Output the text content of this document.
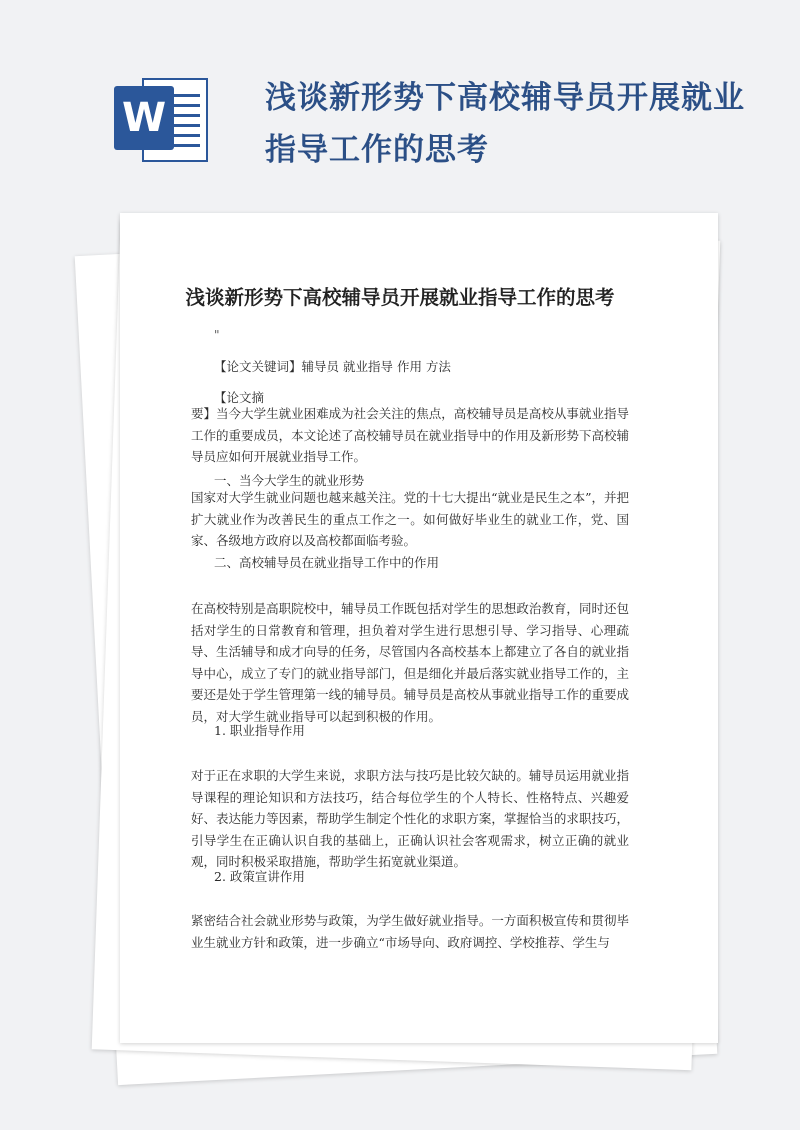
W	浅谈新形势下高校辅导员开展就业指导工作的思考
浅谈新形势下高校辅导员开展就业指导工作的思考
"

【论文关键词】辅导员 就业指导 作用 方法

【论文摘

要】当今大学生就业困难成为社会关注的焦点，高校辅导员是高校从事就业指导工作的重要成员，本文论述了高校辅导员在就业指导中的作用及新形势下高校辅导员应如何开展就业指导工作。

一、当今大学生的就业形势

国家对大学生就业问题也越来越关注。党的十七大提出“就业是民生之本”，并把扩大就业作为改善民生的重点工作之一。如何做好毕业生的就业工作，党、国家、各级地方政府以及高校都面临考验。

二、高校辅导员在就业指导工作中的作用

在高校特别是高职院校中，辅导员工作既包括对学生的思想政治教育，同时还包括对学生的日常教育和管理，担负着对学生进行思想引导、学习指导、心理疏导、生活辅导和成才向导的任务，尽管国内各高校基本上都建立了各自的就业指导中心，成立了专门的就业指导部门，但是细化并最后落实就业指导工作的，主要还是处于学生管理第一线的辅导员。辅导员是高校从事就业指导工作的重要成员，对大学生就业指导可以起到积极的作用。

1. 职业指导作用

对于正在求职的大学生来说，求职方法与技巧是比较欠缺的。辅导员运用就业指导课程的理论知识和方法技巧，结合每位学生的个人特长、性格特点、兴趣爱好、表达能力等因素，帮助学生制定个性化的求职方案，掌握恰当的求职技巧，引导学生在正确认识自我的基础上，正确认识社会客观需求，树立正确的就业观，同时积极采取措施，帮助学生拓宽就业渠道。

2. 政策宣讲作用

紧密结合社会就业形势与政策，为学生做好就业指导。一方面积极宣传和贯彻毕业生就业方针和政策，进一步确立“市场导向、政府调控、学校推荐、学生与
